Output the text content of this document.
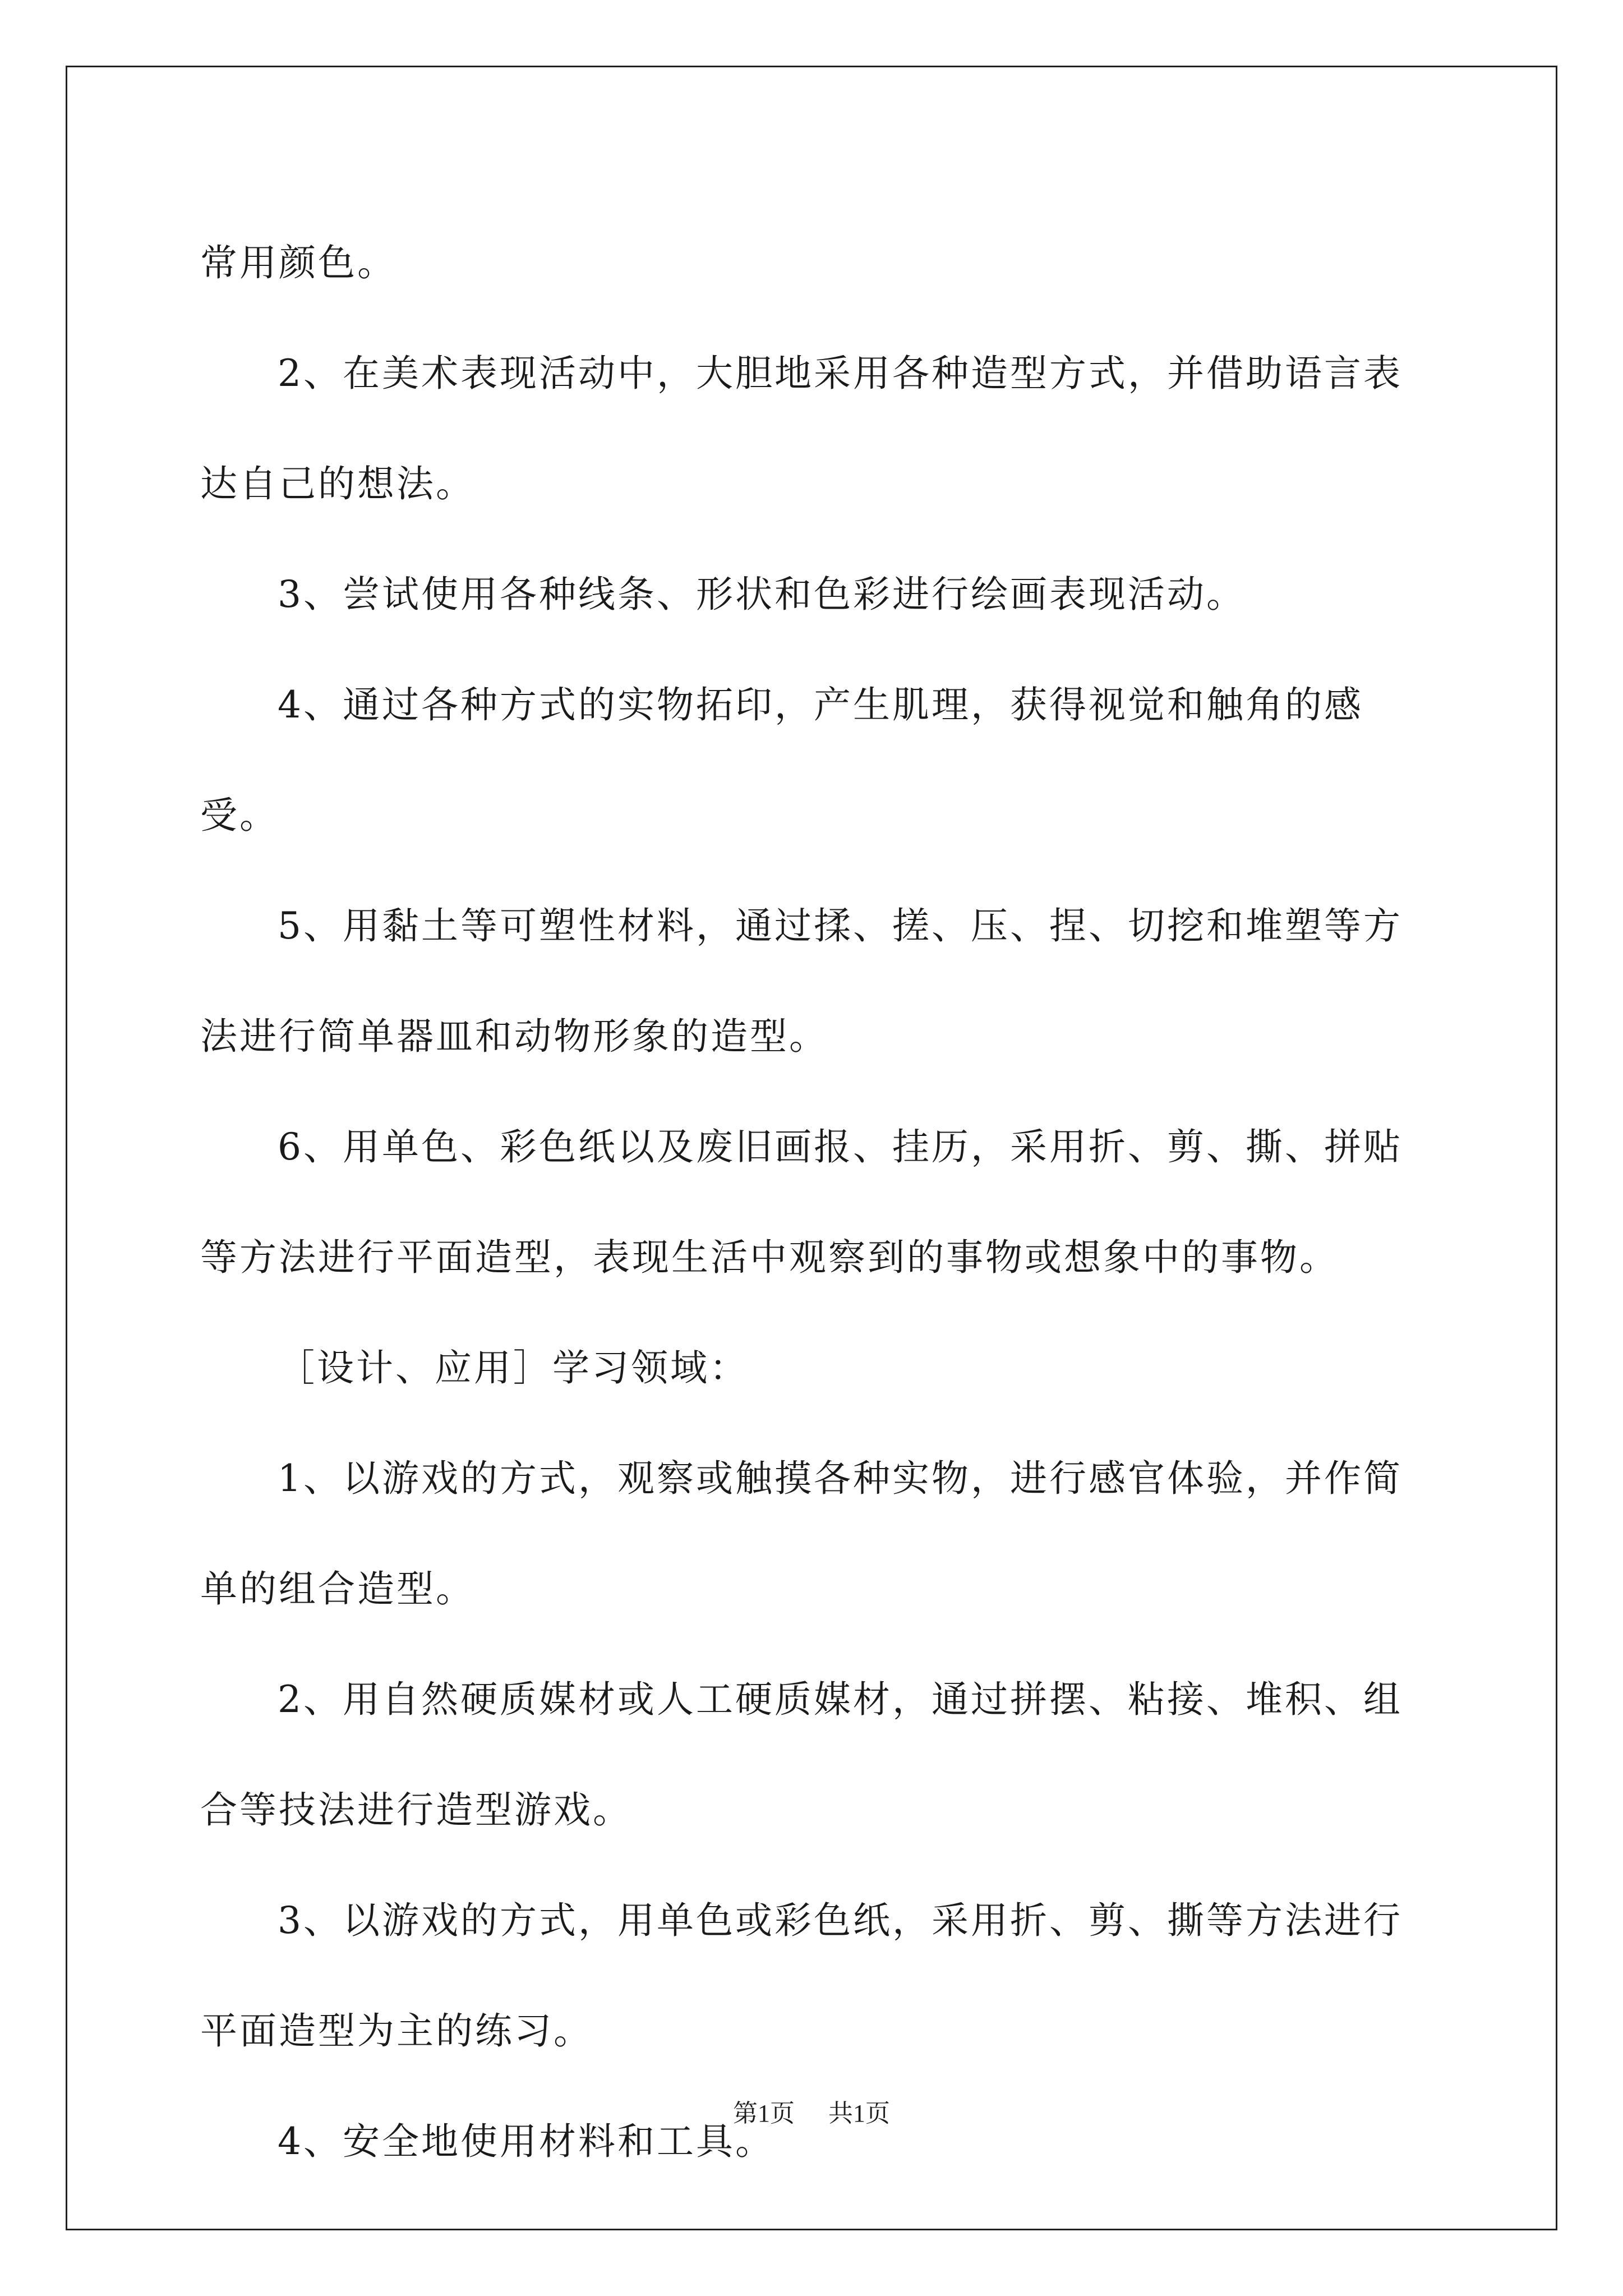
常用颜色。

2、在美术表现活动中，大胆地采用各种造型方式，并借助语言表达自己的想法。

3、尝试使用各种线条、形状和色彩进行绘画表现活动。

4、通过各种方式的实物拓印，产生肌理，获得视觉和触角的感受。

5、用黏土等可塑性材料，通过揉、搓、压、捏、切挖和堆塑等方法进行简单器皿和动物形象的造型。

6、用单色、彩色纸以及废旧画报、挂历，采用折、剪、撕、拼贴等方法进行平面造型，表现生活中观察到的事物或想象中的事物。

［设计、应用］学习领域：

1、以游戏的方式，观察或触摸各种实物，进行感官体验，并作简单的组合造型。

2、用自然硬质媒材或人工硬质媒材，通过拼摆、粘接、堆积、组合等技法进行造型游戏。

3、以游戏的方式，用单色或彩色纸，采用折、剪、撕等方法进行平面造型为主的练习。

4、安全地使用材料和工具。

第1页 共1页
